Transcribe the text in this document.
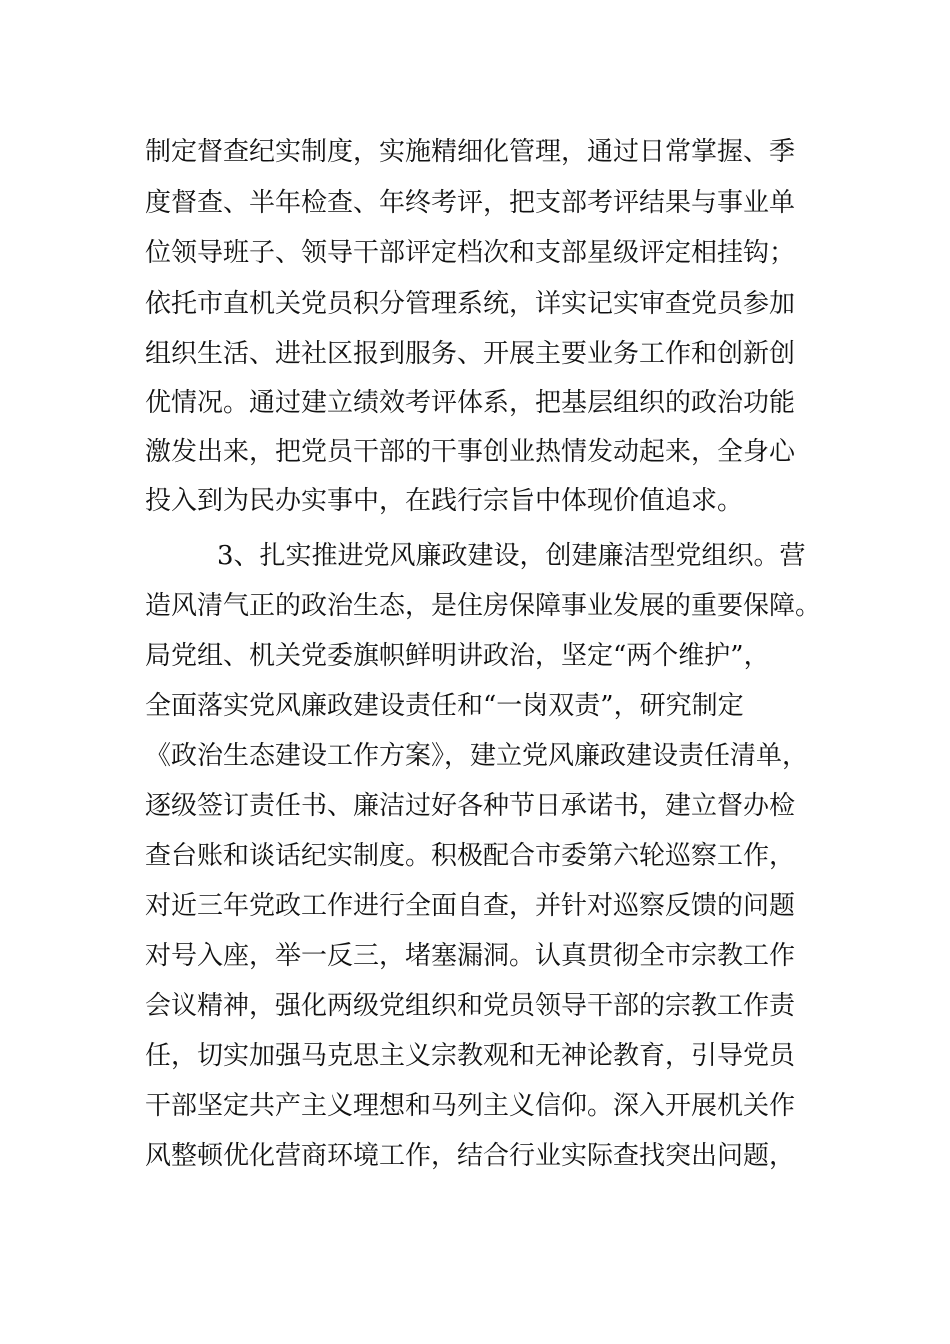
制定督查纪实制度，实施精细化管理，通过日常掌握、季
度督查、半年检查、年终考评，把支部考评结果与事业单
位领导班子、领导干部评定档次和支部星级评定相挂钩；
依托市直机关党员积分管理系统，详实记实审查党员参加
组织生活、进社区报到服务、开展主要业务工作和创新创
优情况。通过建立绩效考评体系，把基层组织的政治功能
激发出来，把党员干部的干事创业热情发动起来，全身心
投入到为民办实事中，在践行宗旨中体现价值追求。
3、扎实推进党风廉政建设，创建廉洁型党组织。营
造风清气正的政治生态，是住房保障事业发展的重要保障。
局党组、机关党委旗帜鲜明讲政治，坚定“两个维护”，
全面落实党风廉政建设责任和“一岗双责”，研究制定
《政治生态建设工作方案》，建立党风廉政建设责任清单，
逐级签订责任书、廉洁过好各种节日承诺书，建立督办检
查台账和谈话纪实制度。积极配合市委第六轮巡察工作，
对近三年党政工作进行全面自查，并针对巡察反馈的问题
对号入座，举一反三，堵塞漏洞。认真贯彻全市宗教工作
会议精神，强化两级党组织和党员领导干部的宗教工作责
任，切实加强马克思主义宗教观和无神论教育，引导党员
干部坚定共产主义理想和马列主义信仰。深入开展机关作
风整顿优化营商环境工作，结合行业实际查找突出问题，
